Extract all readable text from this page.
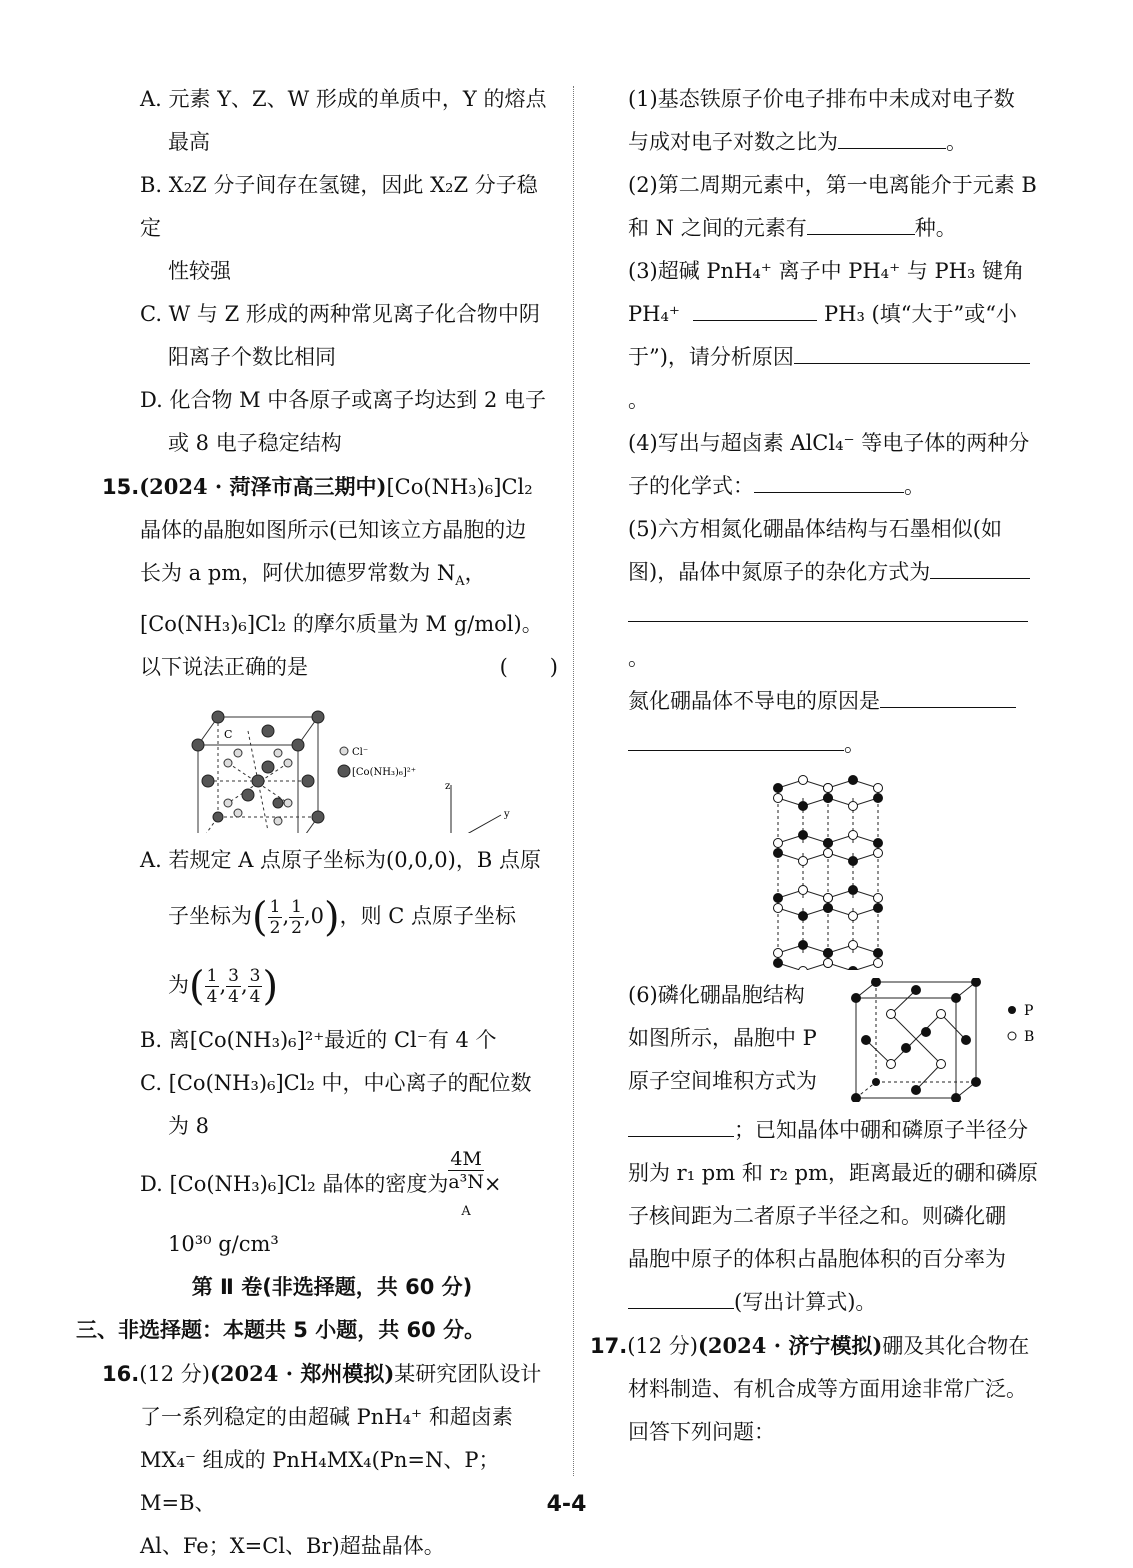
A. 元素 Y、Z、W 形成的单质中，Y 的熔点

最高

B. X₂Z 分子间存在氢键，因此 X₂Z 分子稳定

性较强

C. W 与 Z 形成的两种常见离子化合物中阴

阳离子个数比相同

D. 化合物 M 中各原子或离子均达到 2 电子

或 8 电子稳定结构

15.(2024 · 菏泽市高三期中)[Co(NH₃)₆]Cl₂

晶体的晶胞如图所示(已知该立方晶胞的边

长为 a pm，阿伏加德罗常数为 $N_A$，

[Co(NH₃)₆]Cl₂ 的摩尔质量为 M g/mol)。

以下说法正确的是	(　　)

Cl⁻
[Co(NH₃)₆]²⁺
C
z
y

A. 若规定 A 点原子坐标为(0,0,0)，B 点原

子坐标为( $\frac{1}{2}$ , $\frac{1}{2} ,0$)，则 C 点原子坐标

为( $\frac{1}{4}$ , $\frac{3}{4}$ , $\frac{3}{4}$ )

B. 离[Co(NH₃)₆]²⁺最近的 Cl⁻有 4 个

C. [Co(NH₃)₆]Cl₂ 中，中心离子的配位数

为 8

D. [Co(NH₃)₆]Cl₂ 晶体的密度为 4M
a³N
$_A$ ×

10³⁰ g/cm³

第 Ⅱ 卷(非选择题，共 60 分)

三、非选择题：本题共 5 小题，共 60 分。

16.(12 分)(2024 · 郑州模拟)某研究团队设计

了一系列稳定的由超碱 PnH₄⁺ 和超卤素

MX₄⁻ 组成的 PnH₄MX₄(Pn=N、P；M=B、

Al、Fe；X=Cl、Br)超盐晶体。

(1)基态铁原子价电子排布中未成对电子数

与成对电子对数之比为	。

(2)第二周期元素中，第一电离能介于元素 B

和 N 之间的元素有	种。

(3)超碱 PnH₄⁺ 离子中 PH₄⁺ 与 PH₃ 键角

PH₄⁺	PH₃ (填“大于”或“小

于”)，请分析原因。

(4)写出与超卤素 AlCl₄⁻ 等电子体的两种分

子的化学式：	。

(5)六方相氮化硼晶体结构与石墨相似(如

图)，晶体中氮原子的杂化方式为

。

氮化硼晶体不导电的原因是

。

(6)磷化硼晶胞结构

如图所示，晶胞中 P

原子空间堆积方式为

P
B

；已知晶体中硼和磷原子半径分

别为 r₁ pm 和 r₂ pm，距离最近的硼和磷原

子核间距为二者原子半径之和。则磷化硼

晶胞中原子的体积占晶胞体积的百分率为

(写出计算式)。

17.(12 分)(2024 · 济宁模拟)硼及其化合物在

材料制造、有机合成等方面用途非常广泛。

回答下列问题：

4-4
